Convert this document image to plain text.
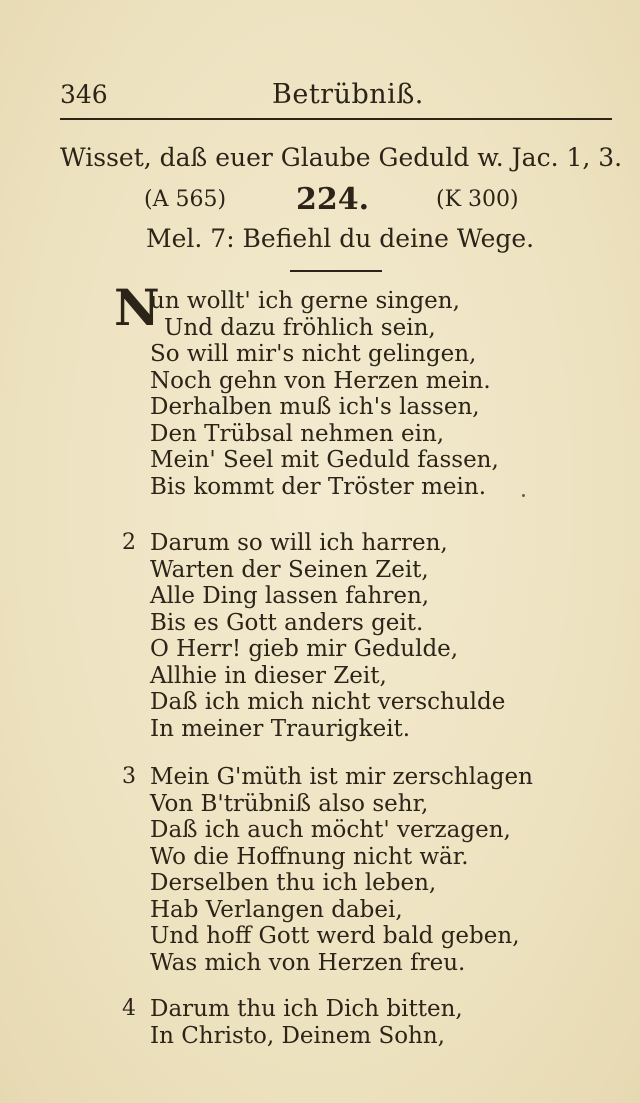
346	Betrübniß.
Wisset, daß euer Glaube Geduld w. Jac. 1, 3.
(A 565) 224.	(K 300)
Mel. 7: Befiehl du deine Wege.
N
un wollt' ich gerne singen,
Und dazu fröhlich sein,
So will mir's nicht gelingen,
Noch gehn von Herzen mein.
Derhalben muß ich's lassen,
Den Trübsal nehmen ein,
Mein' Seel mit Geduld fassen,
Bis kommt der Tröster mein.
2 Darum so will ich harren,
Warten der Seinen Zeit,
Alle Ding lassen fahren,
Bis es Gott anders geit.
O Herr! gieb mir Gedulde,
Allhie in dieser Zeit,
Daß ich mich nicht verschulde
In meiner Traurigkeit.
3 Mein G'müth ist mir zerschlagen
Von B'trübniß also sehr,
Daß ich auch möcht' verzagen,
Wo die Hoffnung nicht wär.
Derselben thu ich leben,
Hab Verlangen dabei,
Und hoff Gott werd bald geben,
Was mich von Herzen freu.
4 Darum thu ich Dich bitten,
In Christo, Deinem Sohn,
